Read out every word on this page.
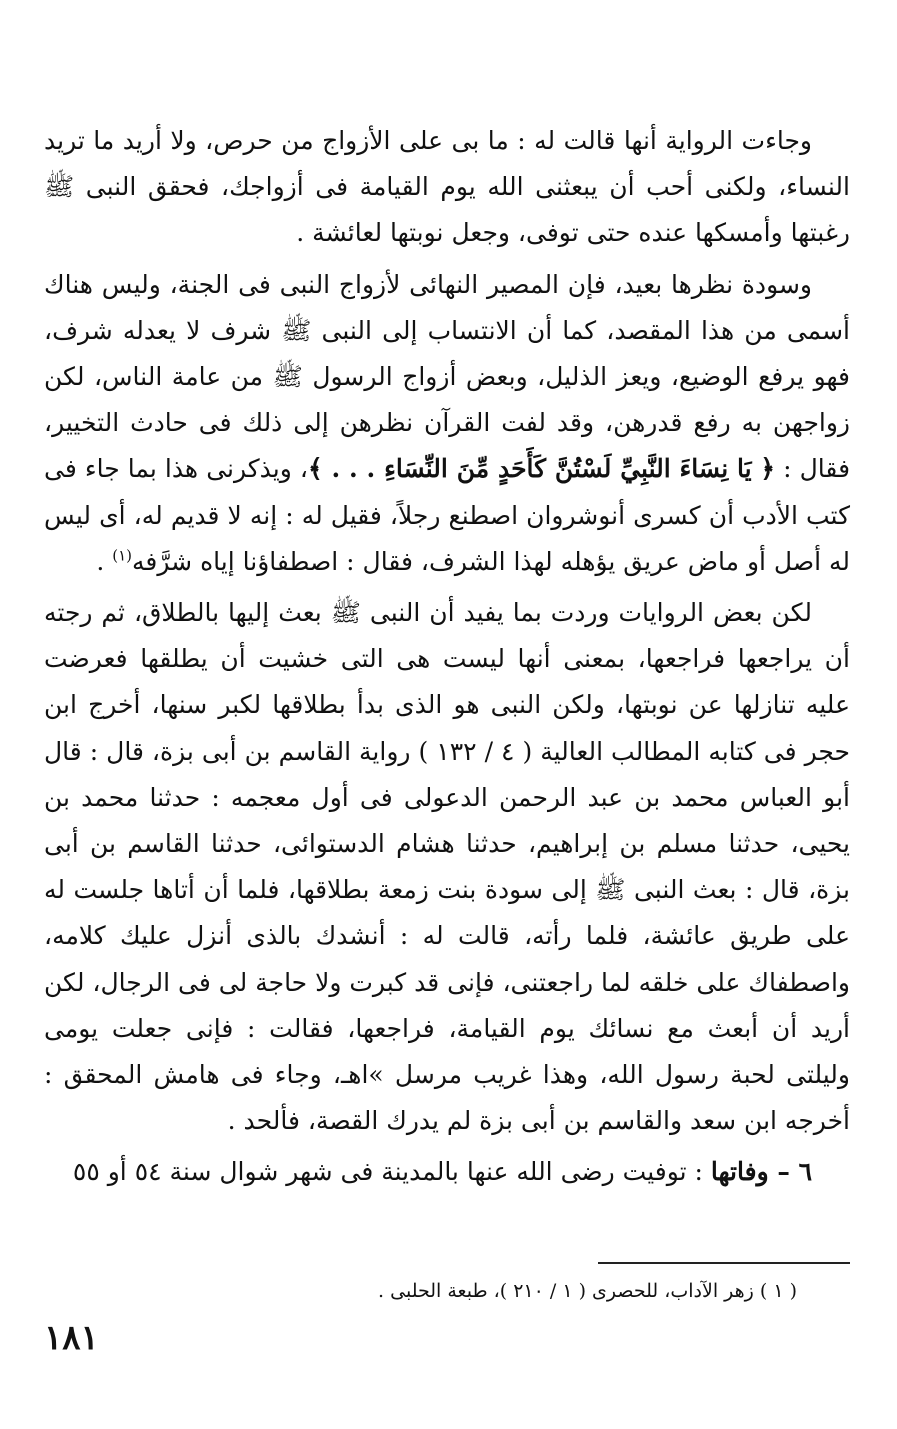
وجاءت الرواية أنها قالت له : ما بى على الأزواج من حرص، ولا أريد ما تريد النساء، ولكنى أحب أن يبعثنى الله يوم القيامة فى أزواجك، فحقق النبى ﷺ رغبتها وأمسكها عنده حتى توفى، وجعل نوبتها لعائشة .

وسودة نظرها بعيد، فإن المصير النهائى لأزواج النبى فى الجنة، وليس هناك أسمى من هذا المقصد، كما أن الانتساب إلى النبى ﷺ شرف لا يعدله شرف، فهو يرفع الوضيع، ويعز الذليل، وبعض أزواج الرسول ﷺ من عامة الناس، لكن زواجهن به رفع قدرهن، وقد لفت القرآن نظرهن إلى ذلك فى حادث التخيير، فقال : ﴿ يَا نِسَاءَ النَّبِيِّ لَسْتُنَّ كَأَحَدٍ مِّنَ النِّسَاءِ . . . ﴾، ويذكرنى هذا بما جاء فى كتب الأدب أن كسرى أنوشروان اصطنع رجلاً، فقيل له : إنه لا قديم له، أى ليس له أصل أو ماض عريق يؤهله لهذا الشرف، فقال : اصطفاؤنا إياه شرَّفه$^{(١)}$ .

لكن بعض الروايات وردت بما يفيد أن النبى ﷺ بعث إليها بالطلاق، ثم رجته أن يراجعها فراجعها، بمعنى أنها ليست هى التى خشيت أن يطلقها فعرضت عليه تنازلها عن نوبتها، ولكن النبى هو الذى بدأ بطلاقها لكبر سنها، أخرج ابن حجر فى كتابه المطالب العالية ( ٤ / ١٣٢ ) رواية القاسم بن أبى بزة، قال : قال أبو العباس محمد بن عبد الرحمن الدعولى فى أول معجمه : حدثنا محمد بن يحيى، حدثنا مسلم بن إبراهيم، حدثنا هشام الدستوائى، حدثنا القاسم بن أبى بزة، قال : بعث النبى ﷺ إلى سودة بنت زمعة بطلاقها، فلما أن أتاها جلست له على طريق عائشة، فلما رأته، قالت له : أنشدك بالذى أنزل عليك كلامه، واصطفاك على خلقه لما راجعتنى، فإنى قد كبرت ولا حاجة لى فى الرجال، لكن أريد أن أبعث مع نسائك يوم القيامة، فراجعها، فقالت : فإنى جعلت يومى وليلتى لحبة رسول الله، وهذا غريب مرسل »اهـ، وجاء فى هامش المحقق : أخرجه ابن سعد والقاسم بن أبى بزة لم يدرك القصة، فألحد .

٦ – وفاتها : توفيت رضى الله عنها بالمدينة فى شهر شوال سنة ٥٤ أو ٥٥

( ١ ) زهر الآداب، للحصرى ( ١ / ٢١٠ )، طبعة الحلبى .

١٨١
